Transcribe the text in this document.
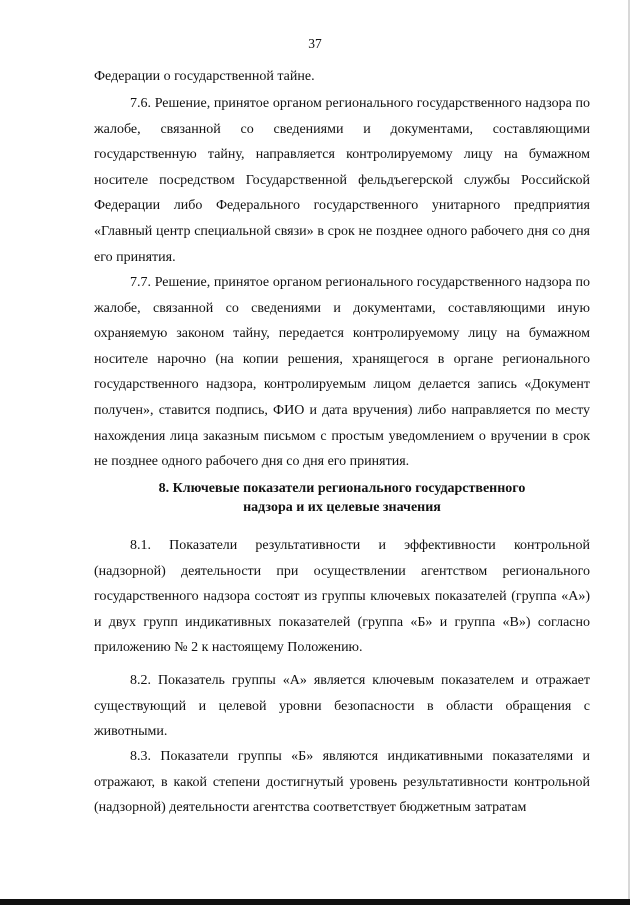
37

Федерации о государственной тайне.

7.6. Решение, принятое органом регионального государственного надзора по жалобе, связанной со сведениями и документами, составляющими государственную тайну, направляется контролируемому лицу на бумажном носителе посредством Государственной фельдъегерской службы Российской Федерации либо Федерального государственного унитарного предприятия «Главный центр специальной связи» в срок не позднее одного рабочего дня со дня его принятия.

7.7. Решение, принятое органом регионального государственного надзора по жалобе, связанной со сведениями и документами, составляющими иную охраняемую законом тайну, передается контролируемому лицу на бумажном носителе нарочно (на копии решения, хранящегося в органе регионального государственного надзора, контролируемым лицом делается запись «Документ получен», ставится подпись, ФИО и дата вручения) либо направляется по месту нахождения лица заказным письмом с простым уведомлением о вручении в срок не позднее одного рабочего дня со дня его принятия.

8. Ключевые показатели регионального государственного
надзора и их целевые значения

8.1. Показатели результативности и эффективности контрольной (надзорной) деятельности при осуществлении агентством регионального государственного надзора состоят из группы ключевых показателей (группа «А») и двух групп индикативных показателей (группа «Б» и группа «В») согласно приложению № 2 к настоящему Положению.

8.2. Показатель группы «А» является ключевым показателем и отражает существующий и целевой уровни безопасности в области обращения с животными.

8.3. Показатели группы «Б» являются индикативными показателями и отражают, в какой степени достигнутый уровень результативности контрольной (надзорной) деятельности агентства соответствует бюджетным затратам
